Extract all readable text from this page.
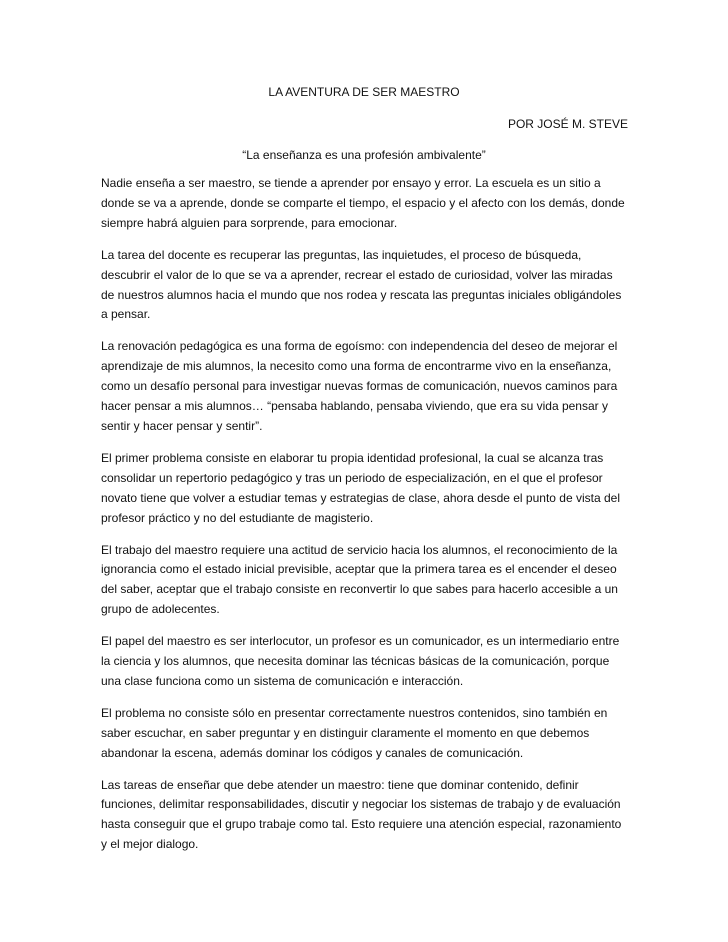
LA AVENTURA DE SER MAESTRO
POR JOSÉ M. STEVE
“La enseñanza es una profesión ambivalente”

Nadie enseña a ser maestro, se tiende a aprender por ensayo y error. La escuela es un sitio a donde se va a aprende, donde se comparte el tiempo, el espacio y el afecto con los demás, donde siempre habrá alguien para sorprende, para emocionar.

La tarea del docente es recuperar las preguntas, las inquietudes, el proceso de búsqueda, descubrir el valor de lo que se va a aprender, recrear el estado de curiosidad, volver las miradas de nuestros alumnos hacia el mundo que nos rodea y rescata las preguntas iniciales obligándoles a pensar.

La renovación pedagógica es una forma de egoísmo: con independencia del deseo de mejorar el aprendizaje de mis alumnos, la necesito como una forma de encontrarme vivo en la enseñanza, como un desafío personal para investigar nuevas formas de comunicación, nuevos caminos para hacer pensar a mis alumnos… “pensaba hablando, pensaba viviendo, que era su vida pensar y sentir y hacer pensar y sentir”.

El primer problema consiste en elaborar tu propia identidad profesional, la cual se alcanza tras consolidar un repertorio pedagógico y tras un periodo de especialización, en el que el profesor novato tiene que volver a estudiar temas y estrategias de clase, ahora desde el punto de vista del profesor práctico y no del estudiante de magisterio.

El trabajo del maestro requiere una actitud de servicio hacia los alumnos, el reconocimiento de la ignorancia como el estado inicial previsible, aceptar que la primera tarea es el encender el deseo del saber, aceptar que el trabajo consiste en reconvertir lo que sabes para hacerlo accesible a un grupo de adolecentes.

El papel del maestro es ser interlocutor, un profesor es un comunicador, es un intermediario entre la ciencia y los alumnos, que necesita dominar las técnicas básicas de la comunicación, porque una clase funciona como un sistema de comunicación e interacción.

El problema no consiste sólo en presentar correctamente nuestros contenidos, sino también en saber escuchar, en saber preguntar y en distinguir claramente el momento en que debemos abandonar la escena, además dominar los códigos y canales de comunicación.

Las tareas de enseñar que debe atender un maestro: tiene que dominar contenido, definir funciones, delimitar responsabilidades, discutir y negociar los sistemas de trabajo y de evaluación hasta conseguir que el grupo trabaje como tal. Esto requiere una atención especial, razonamiento y el mejor dialogo.
